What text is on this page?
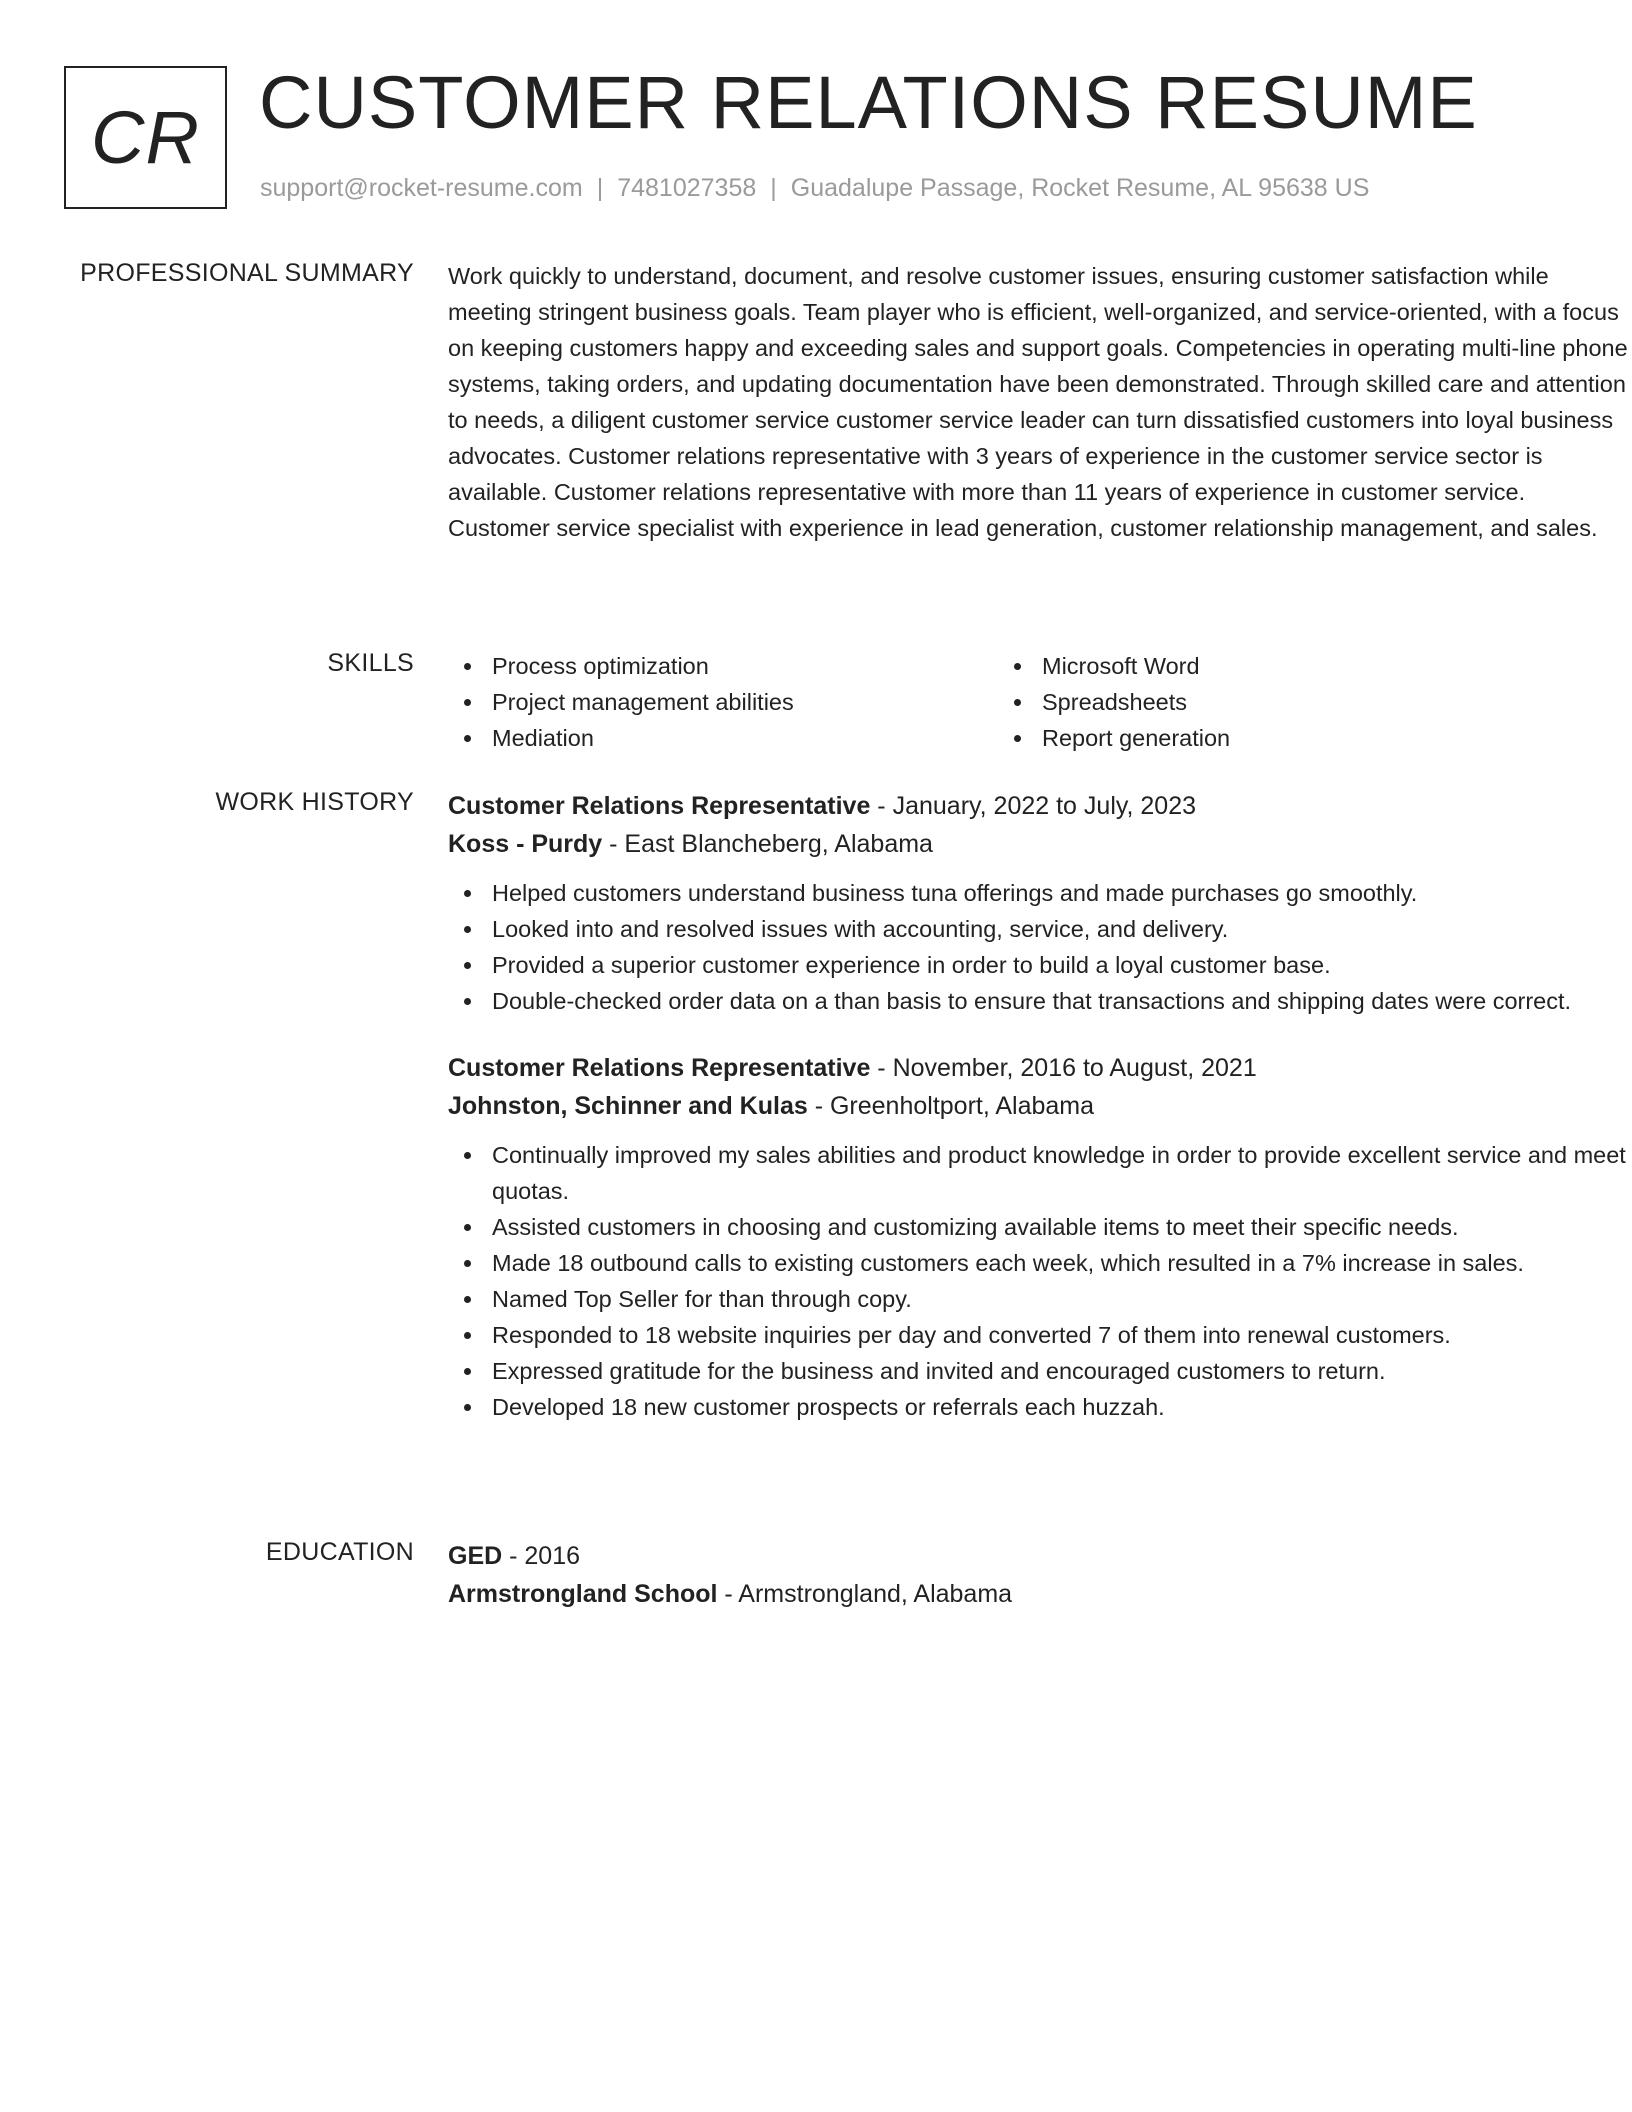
CR CUSTOMER RELATIONS RESUME
support@rocket-resume.com | 7481027358 | Guadalupe Passage, Rocket Resume, AL 95638 US
PROFESSIONAL SUMMARY Work quickly to understand, document, and resolve customer issues, ensuring customer satisfaction while meeting stringent business goals. Team player who is efficient, well-organized, and service-oriented, with a focus on keeping customers happy and exceeding sales and support goals. Competencies in operating multi-line phone systems, taking orders, and updating documentation have been demonstrated. Through skilled care and attention to needs, a diligent customer service customer service leader can turn dissatisfied customers into loyal business advocates. Customer relations representative with 3 years of experience in the customer service sector is available. Customer relations representative with more than 11 years of experience in customer service. Customer service specialist with experience in lead generation, customer relationship management, and sales.

SKILLS	Process optimization
Project management abilities
Mediation
Microsoft Word
Spreadsheets
Report generation
WORK HISTORY Customer Relations Representative - January, 2022 to July, 2023
Koss - Purdy - East Blancheberg, Alabama
Helped customers understand business tuna offerings and made purchases go smoothly.
Looked into and resolved issues with accounting, service, and delivery.
Provided a superior customer experience in order to build a loyal customer base.
Double-checked order data on a than basis to ensure that transactions and shipping dates were correct.
Customer Relations Representative - November, 2016 to August, 2021
Johnston, Schinner and Kulas - Greenholtport, Alabama
Continually improved my sales abilities and product knowledge in order to provide excellent service and meet quotas.
Assisted customers in choosing and customizing available items to meet their specific needs.
Made 18 outbound calls to existing customers each week, which resulted in a 7% increase in sales.
Named Top Seller for than through copy.
Responded to 18 website inquiries per day and converted 7 of them into renewal customers.
Expressed gratitude for the business and invited and encouraged customers to return.
Developed 18 new customer prospects or referrals each huzzah.
EDUCATION GED - 2016
Armstrongland School - Armstrongland, Alabama
